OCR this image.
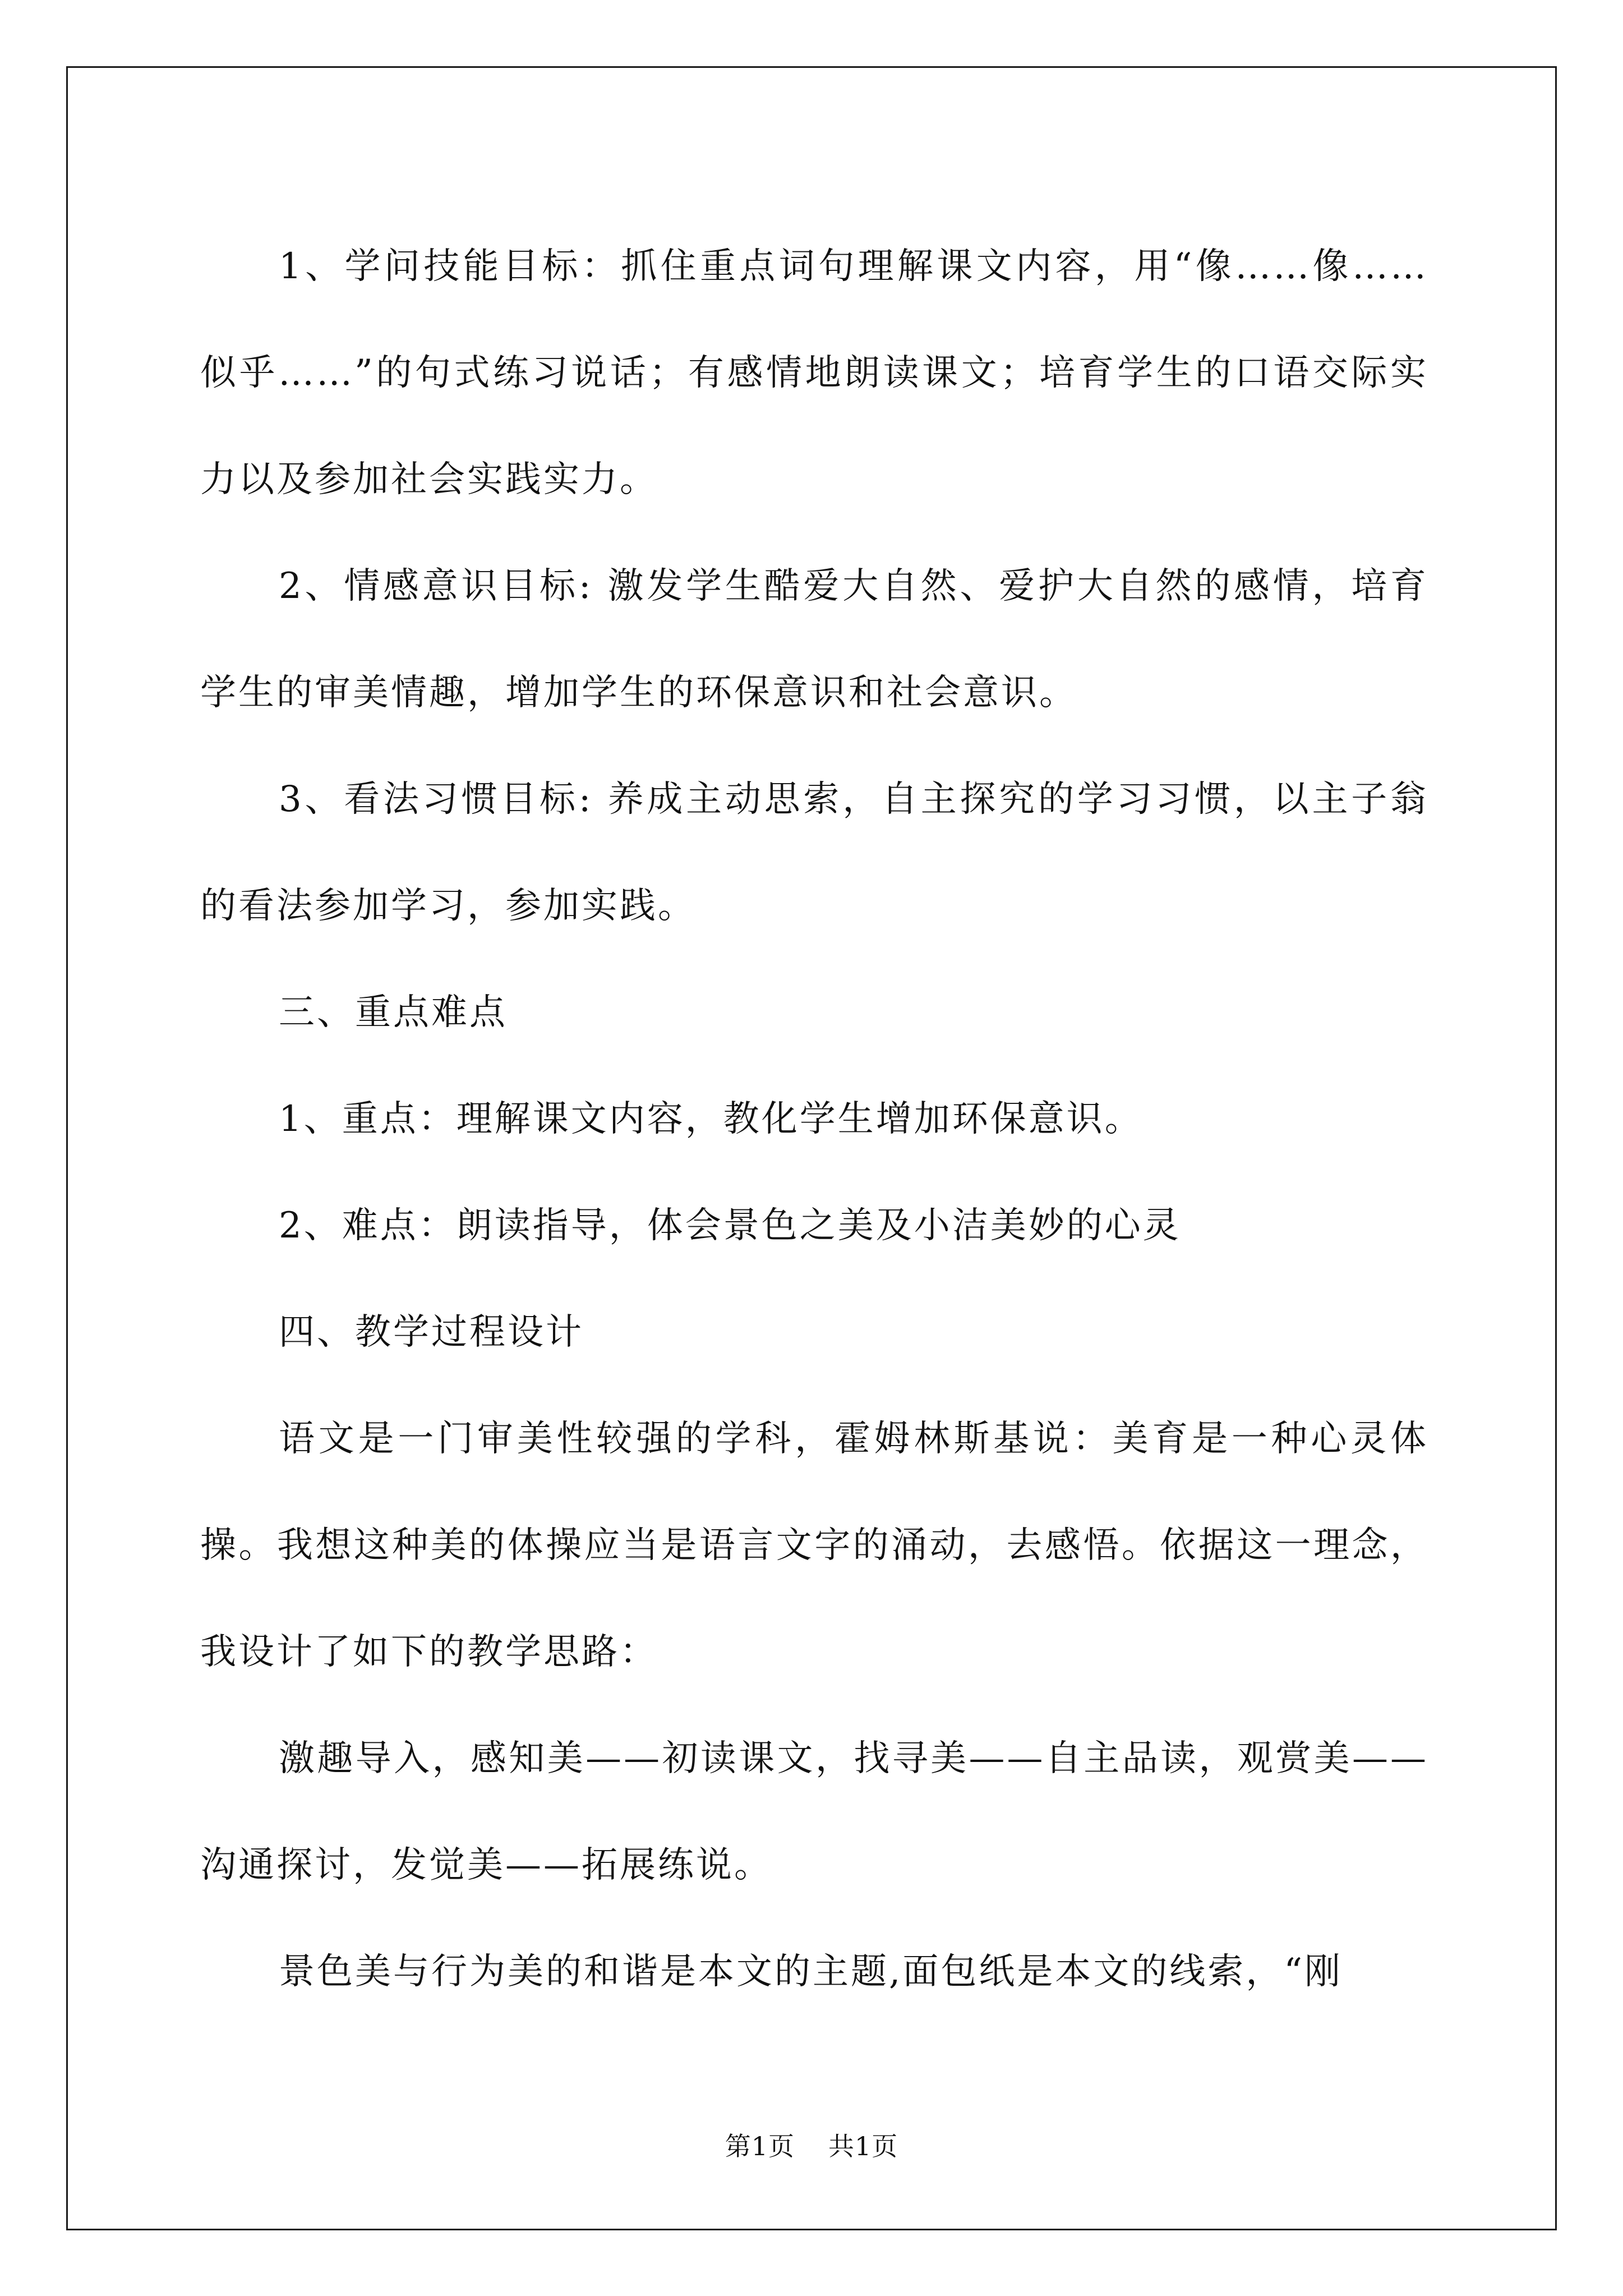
1、学问技能目标：抓住重点词句理解课文内容，用“像……像……似乎……”的句式练习说话；有感情地朗读课文；培育学生的口语交际实力以及参加社会实践实力。

2、情感意识目标: 激发学生酷爱大自然、爱护大自然的感情，培育学生的审美情趣，增加学生的环保意识和社会意识。

3、看法习惯目标: 养成主动思索，自主探究的学习习惯，以主子翁的看法参加学习，参加实践。

三、重点难点

1、重点：理解课文内容，教化学生增加环保意识。

2、难点：朗读指导，体会景色之美及小洁美妙的心灵

四、教学过程设计

语文是一门审美性较强的学科，霍姆林斯基说：美育是一种心灵体操。我想这种美的体操应当是语言文字的涌动，去感悟。依据这一理念，我设计了如下的教学思路：

激趣导入，感知美——初读课文，找寻美——自主品读，观赏美——沟通探讨，发觉美——拓展练说。

景色美与行为美的和谐是本文的主题,面包纸是本文的线索，“刚

第1页 共1页
